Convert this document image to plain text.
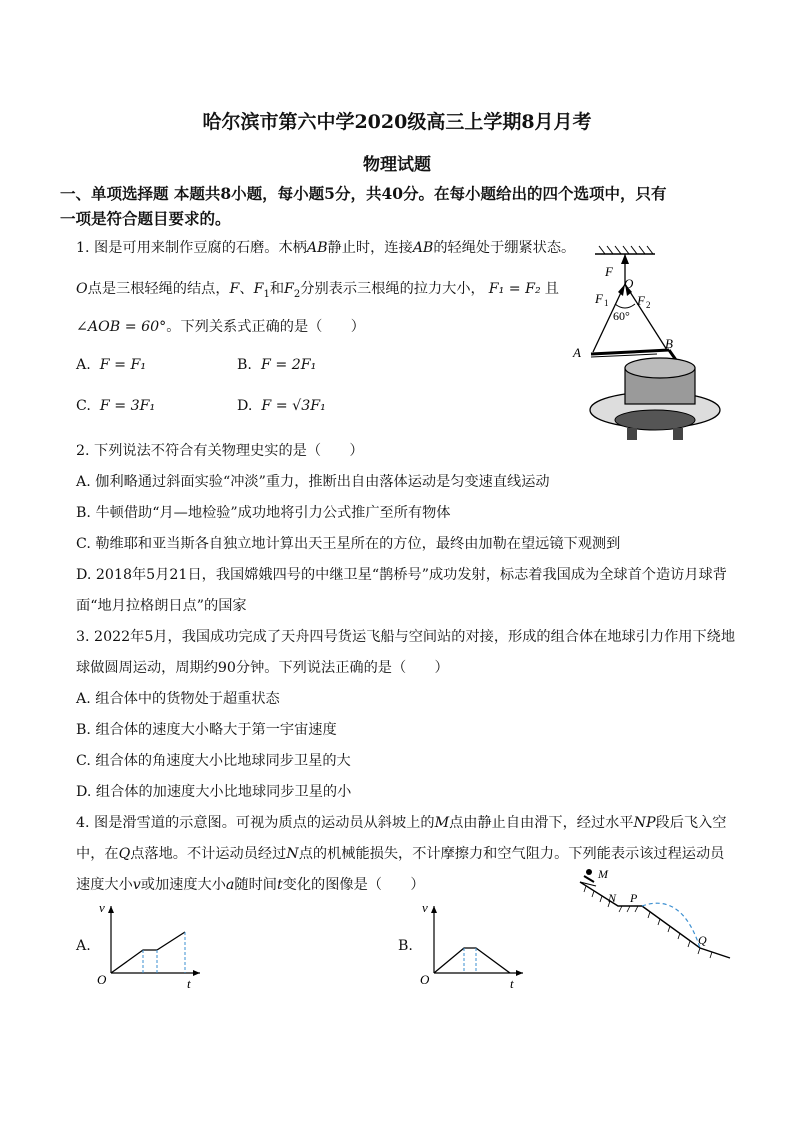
哈尔滨市第六中学2020级高三上学期8月月考
物理试题
一、单项选择题 本题共8小题，每小题5分，共40分。在每小题给出的四个选项中，只有
一项是符合题目要求的。
1. 图是可用来制作豆腐的石磨。木柄AB静止时，连接AB的轻绳处于绷紧状态。
O点是三根轻绳的结点，F、$F_1$和$F_2$分别表示三根绳的拉力大小， F₁ = F₂ 且
∠AOB = 60°。下列关系式正确的是（　　）
A. F = F₁	B. F = 2F₁
C. F = 3F₁	D. F = √3F₁
F
O
F 1 F 2
60°
A
B
2. 下列说法不符合有关物理史实的是（　　）
A. 伽利略通过斜面实验“冲淡”重力，推断出自由落体运动是匀变速直线运动
B. 牛顿借助“月—地检验”成功地将引力公式推广至所有物体
C. 勒维耶和亚当斯各自独立地计算出天王星所在的方位，最终由加勒在望远镜下观测到
D. 2018年5月21日，我国嫦娥四号的中继卫星“鹊桥号”成功发射，标志着我国成为全球首个造访月球背
面“地月拉格朗日点”的国家
3. 2022年5月，我国成功完成了天舟四号货运飞船与空间站的对接，形成的组合体在地球引力作用下绕地
球做圆周运动，周期约90分钟。下列说法正确的是（　　）
A. 组合体中的货物处于超重状态
B. 组合体的速度大小略大于第一宇宙速度
C. 组合体的角速度大小比地球同步卫星的大
D. 组合体的加速度大小比地球同步卫星的小
4. 图是滑雪道的示意图。可视为质点的运动员从斜坡上的M点由静止自由滑下，经过水平NP段后飞入空
中，在Q点落地。不计运动员经过N点的机械能损失，不计摩擦力和空气阻力。下列能表示该过程运动员
速度大小v或加速度大小a随时间t变化的图像是（　　）
A.
v
O	t
B.
v
O	t
M
N P
Q
